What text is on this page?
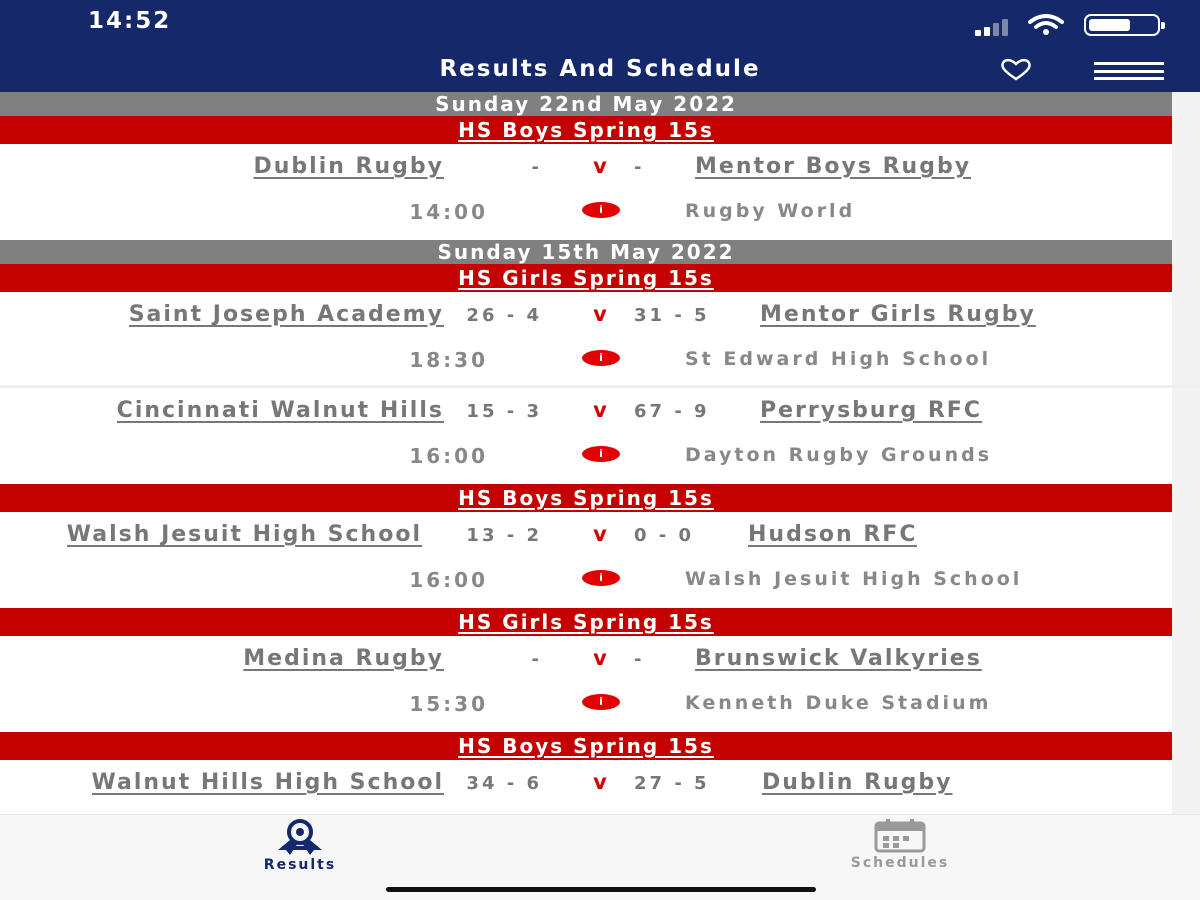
14:52
Results And Schedule
Sunday 22nd May 2022
HS Boys Spring 15s
Dublin Rugby	-	v	- Mentor Boys Rugby
14:00	i	Rugby World
Sunday 15th May 2022
HS Girls Spring 15s
Saint Joseph Academy 26 - 4	v	31 - 5 Mentor Girls Rugby
18:30	i	St Edward High School
Cincinnati Walnut Hills 15 - 3	v	67 - 9 Perrysburg RFC
16:00	i	Dayton Rugby Grounds
HS Boys Spring 15s
Walsh Jesuit High School 13 - 2	v	0 - 0 Hudson RFC
16:00	i	Walsh Jesuit High School
HS Girls Spring 15s
Medina Rugby	-	v	- Brunswick Valkyries
15:30	i	Kenneth Duke Stadium
HS Boys Spring 15s
Walnut Hills High School 34 - 6	v	27 - 5 Dublin Rugby
Results	Schedules
